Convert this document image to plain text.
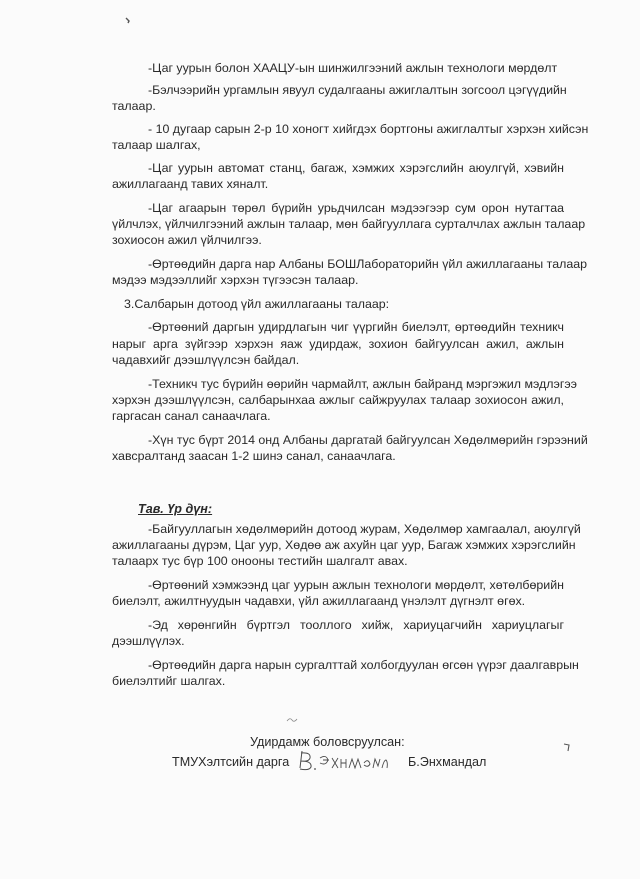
-Цаг уурын болон ХААЦУ-ын шинжилгээний ажлын технологи мөрдөлт
-Бэлчээрийн ургамлын явуул судалгааны ажиглалтын зогсоол цэгүүдийн
талаар.
- 10 дугаар сарын 2-р 10 хоногт хийгдэх бортгоны ажиглалтыг хэрхэн хийсэн
талаар шалгах,
-Цаг уурын автомат станц, багаж, хэмжих хэрэгслийн аюулгүй, хэвийн
ажиллагаанд тавих хяналт.
-Цаг агаарын төрөл бүрийн урьдчилсан мэдээгээр сум орон нутагтаа
үйлчлэх, үйлчилгээний ажлын талаар, мөн байгууллага сурталчлах ажлын талаар
зохиосон ажил үйлчилгээ.
-Өртөөдийн дарга нар Албаны БОШЛабораторийн үйл ажиллагааны талаар
мэдээ мэдээллийг хэрхэн түгээсэн талаар.
3.Салбарын дотоод үйл ажиллагааны талаар:
-Өртөөний даргын удирдлагын чиг үүргийн биелэлт, өртөөдийн техникч
нарыг арга зүйгээр хэрхэн яаж удирдаж, зохион байгуулсан ажил, ажлын
чадавхийг дээшлүүлсэн байдал.
-Техникч тус бүрийн өөрийн чармайлт, ажлын байранд мэргэжил мэдлэгээ
хэрхэн дээшлүүлсэн, салбарынхаа ажлыг сайжруулах талаар зохиосон ажил,
гаргасан санал санаачлага.
-Хүн тус бүрт 2014 онд Албаны даргатай байгуулсан Хөдөлмөрийн гэрээний
хавсралтанд заасан 1-2 шинэ санал, санаачлага.
Тав. Үр дүн:
-Байгууллагын хөдөлмөрийн дотоод журам, Хөдөлмөр хамгаалал, аюулгүй
ажиллагааны дүрэм, Цаг уур, Хөдөө аж ахуйн цаг уур, Багаж хэмжих хэрэгслийн
талаарх тус бүр 100 онооны тестийн шалгалт авах.
-Өртөөний хэмжээнд цаг уурын ажлын технологи мөрдөлт, хөтөлбөрийн
биелэлт, ажилтнуудын чадавхи, үйл ажиллагаанд үнэлэлт дүгнэлт өгөх.
-Эд хөрөнгийн бүртгэл тооллого хийж, хариуцагчийн хариуцлагыг
дээшлүүлэх.
-Өртөөдийн дарга нарын сургалттай холбогдуулан өгсөн үүрэг даалгаврын
биелэлтийг шалгах.
Удирдамж боловсруулсан:
ТМУХэлтсийн дарга	Б.Энхмандал
